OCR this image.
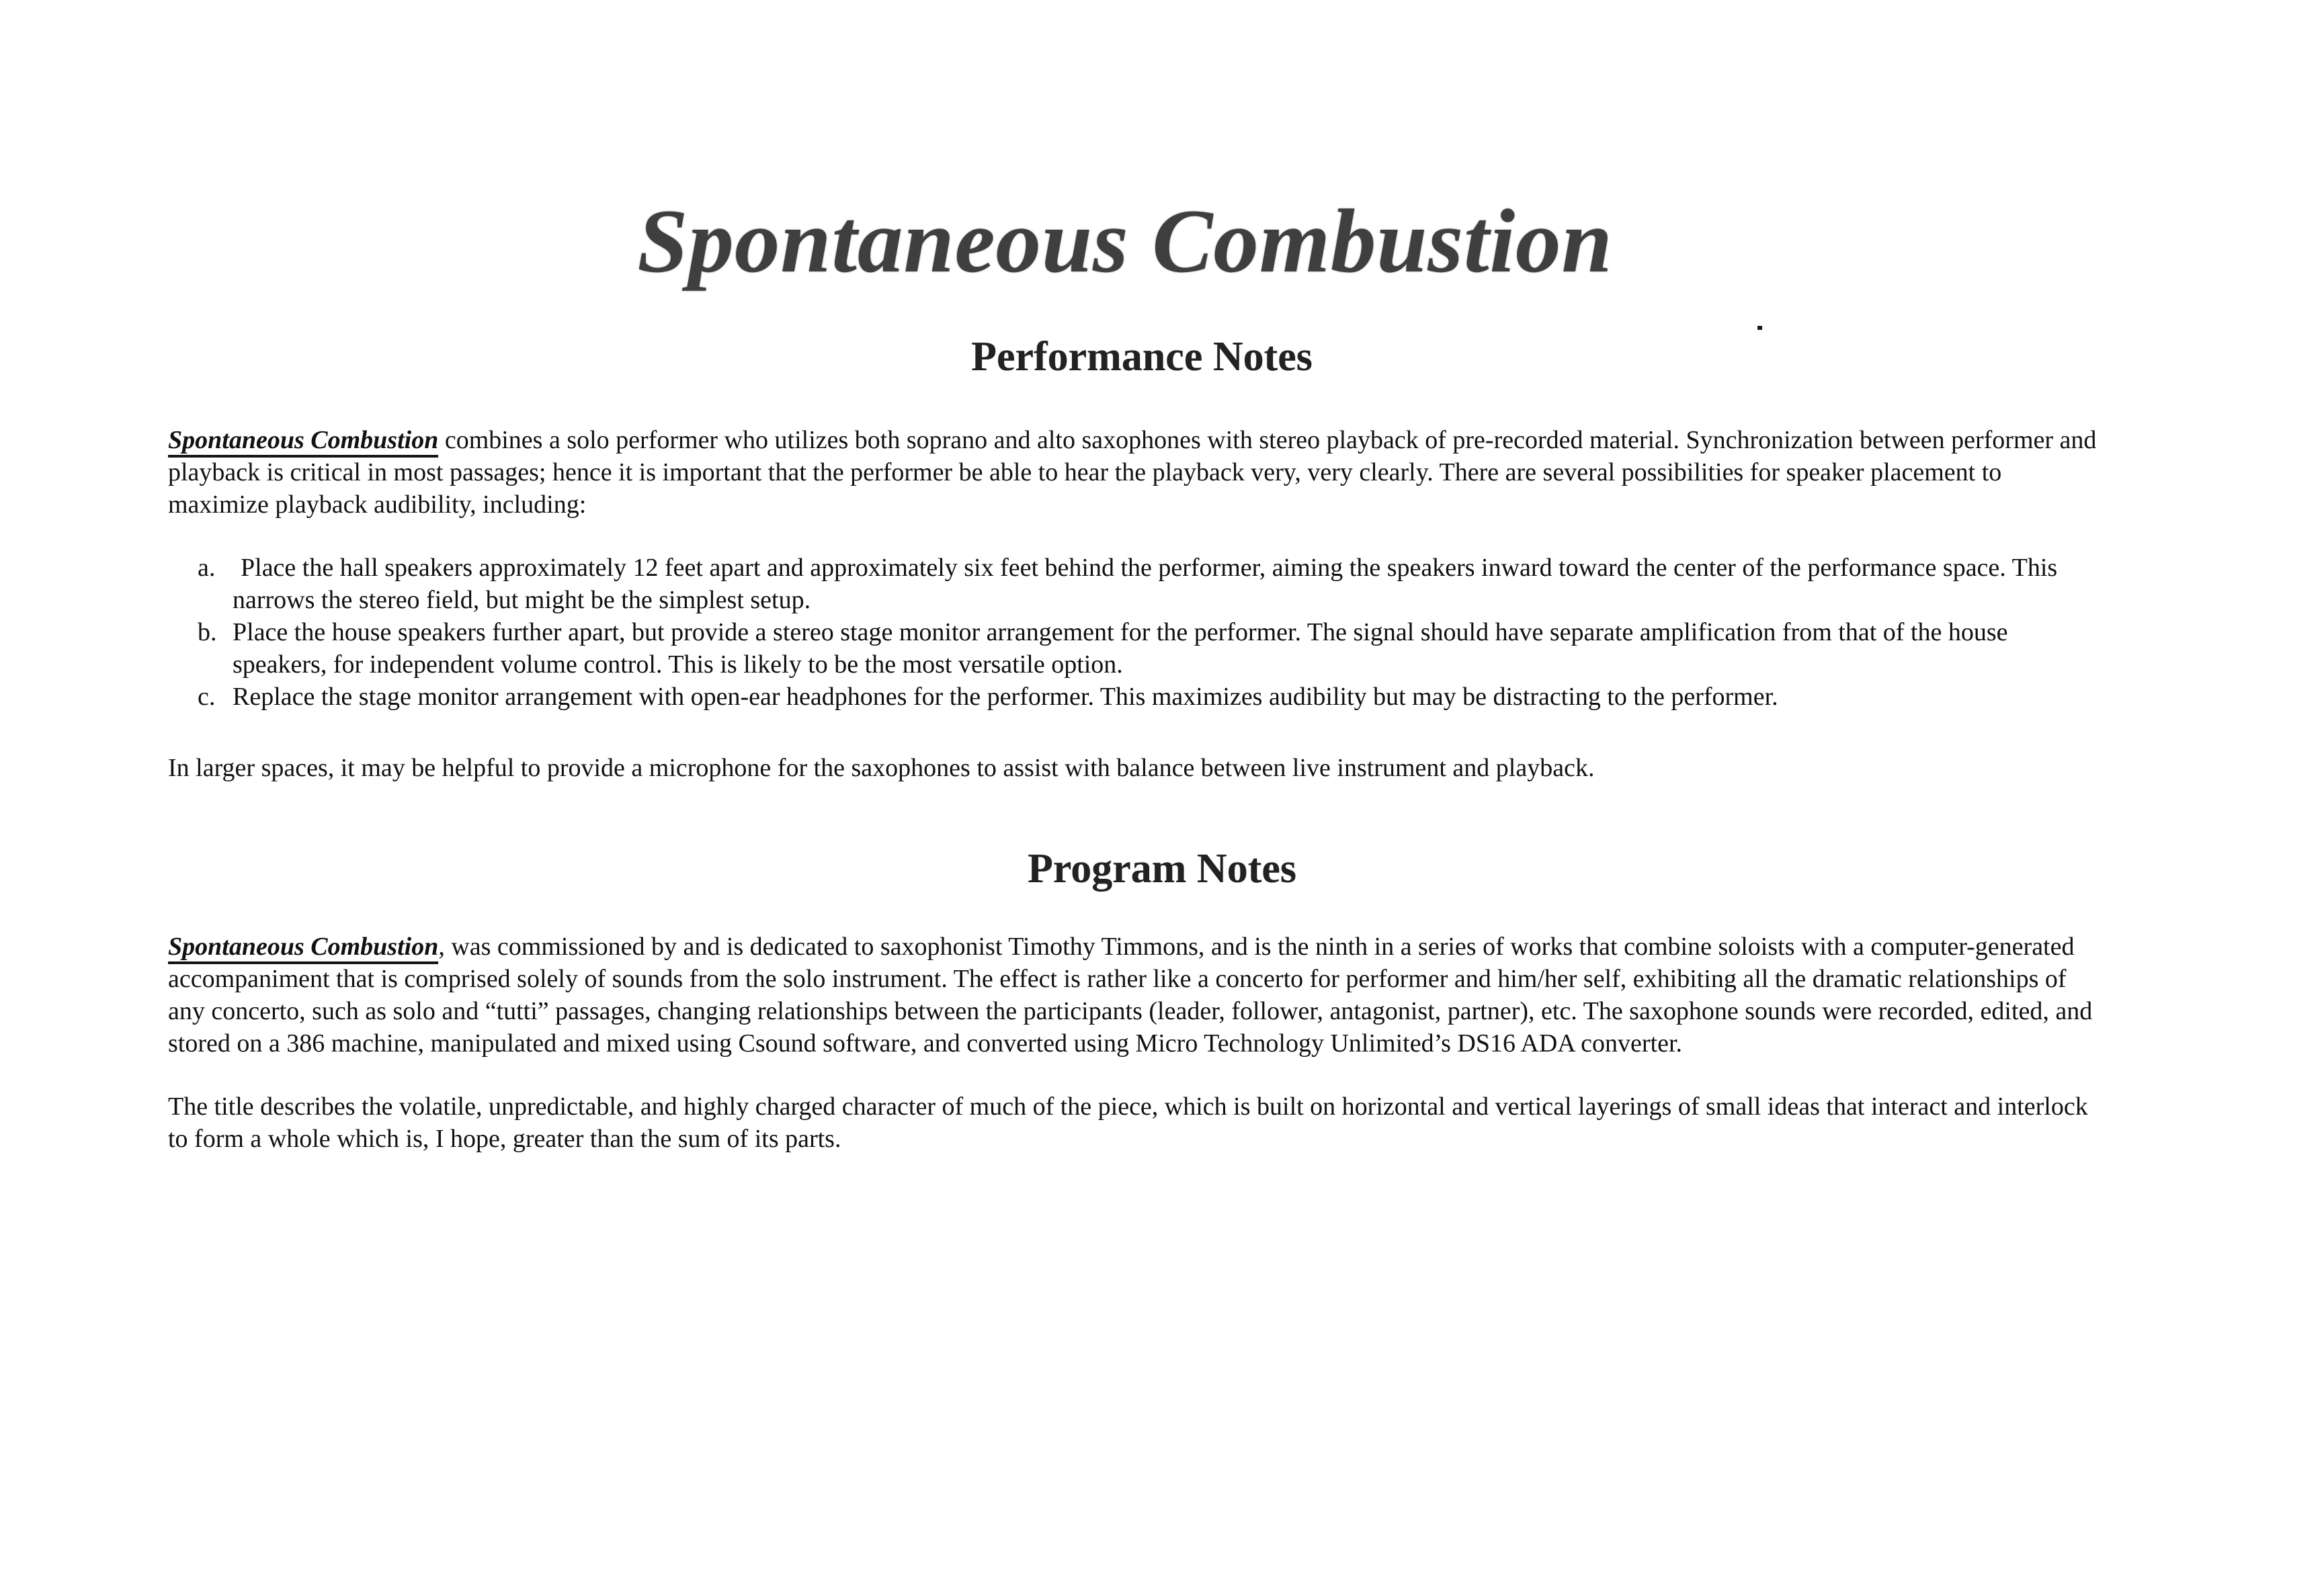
Spontaneous Combustion
Performance Notes

Spontaneous Combustion combines a solo performer who utilizes both soprano and alto saxophones with stereo playback of pre-recorded material. Synchronization between performer and playback is critical in most passages; hence it is important that the performer be able to hear the playback very, very clearly. There are several possibilities for speaker placement to maximize playback audibility, including:

a. Place the hall speakers approximately 12 feet apart and approximately six feet behind the performer, aiming the speakers inward toward the center of the performance space. This narrows the stereo field, but might be the simplest setup.
b. Place the house speakers further apart, but provide a stereo stage monitor arrangement for the performer. The signal should have separate amplification from that of the house speakers, for independent volume control. This is likely to be the most versatile option.
c. Replace the stage monitor arrangement with open-ear headphones for the performer. This maximizes audibility but may be distracting to the performer.

In larger spaces, it may be helpful to provide a microphone for the saxophones to assist with balance between live instrument and playback.

Program Notes

Spontaneous Combustion, was commissioned by and is dedicated to saxophonist Timothy Timmons, and is the ninth in a series of works that combine soloists with a computer-generated accompaniment that is comprised solely of sounds from the solo instrument. The effect is rather like a concerto for performer and him/her self, exhibiting all the dramatic relationships of any concerto, such as solo and “tutti” passages, changing relationships between the participants (leader, follower, antagonist, partner), etc. The saxophone sounds were recorded, edited, and stored on a 386 machine, manipulated and mixed using Csound software, and converted using Micro Technology Unlimited’s DS16 ADA converter.

The title describes the volatile, unpredictable, and highly charged character of much of the piece, which is built on horizontal and vertical layerings of small ideas that interact and interlock to form a whole which is, I hope, greater than the sum of its parts.
